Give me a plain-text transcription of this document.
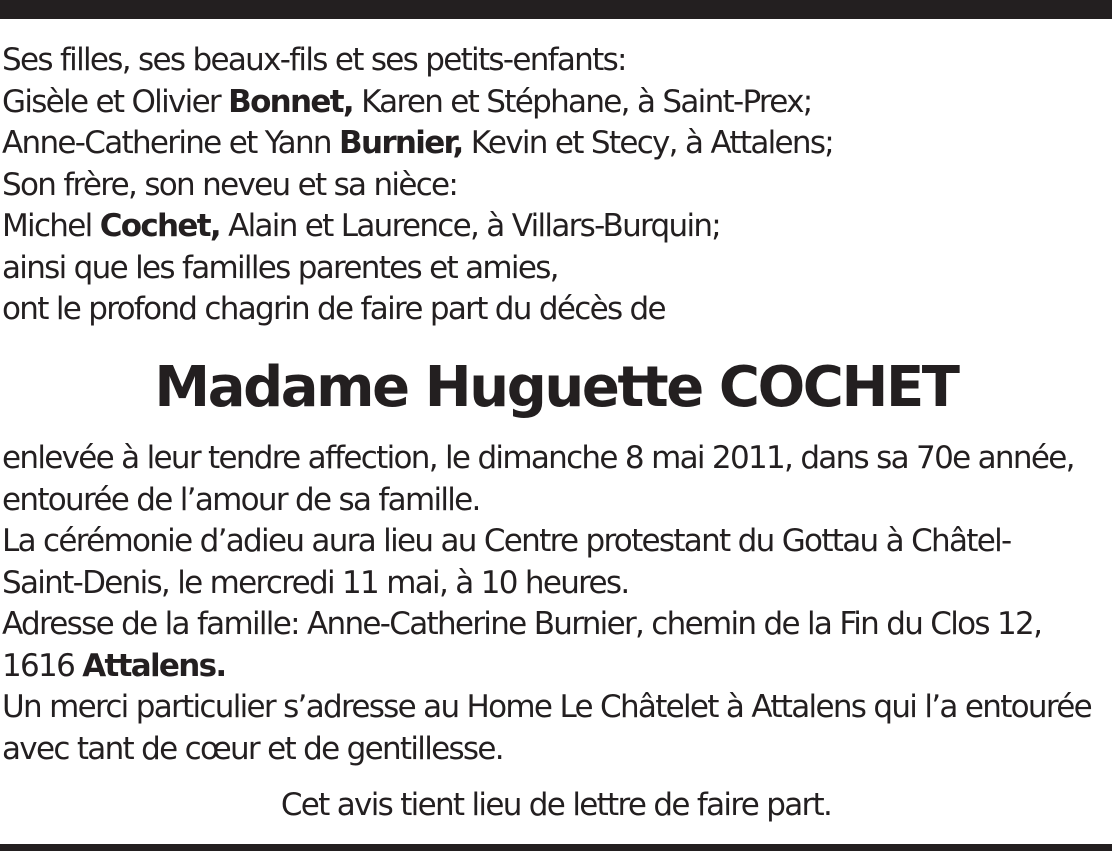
Ses filles, ses beaux-fils et ses petits-enfants:
Gisèle et Olivier Bonnet, Karen et Stéphane, à Saint-Prex;
Anne-Catherine et Yann Burnier, Kevin et Stecy, à Attalens;
Son frère, son neveu et sa nièce:
Michel Cochet, Alain et Laurence, à Villars-Burquin;
ainsi que les familles parentes et amies,
ont le profond chagrin de faire part du décès de
Madame Huguette COCHET
enlevée à leur tendre affection, le dimanche 8 mai 2011, dans sa 70e année,
entourée de l’amour de sa famille.
La cérémonie d’adieu aura lieu au Centre protestant du Gottau à Châtel-
Saint-Denis, le mercredi 11 mai, à 10 heures.
Adresse de la famille: Anne-Catherine Burnier, chemin de la Fin du Clos 12,
1616 Attalens.
Un merci particulier s’adresse au Home Le Châtelet à Attalens qui l’a entourée
avec tant de cœur et de gentillesse.
Cet avis tient lieu de lettre de faire part.
